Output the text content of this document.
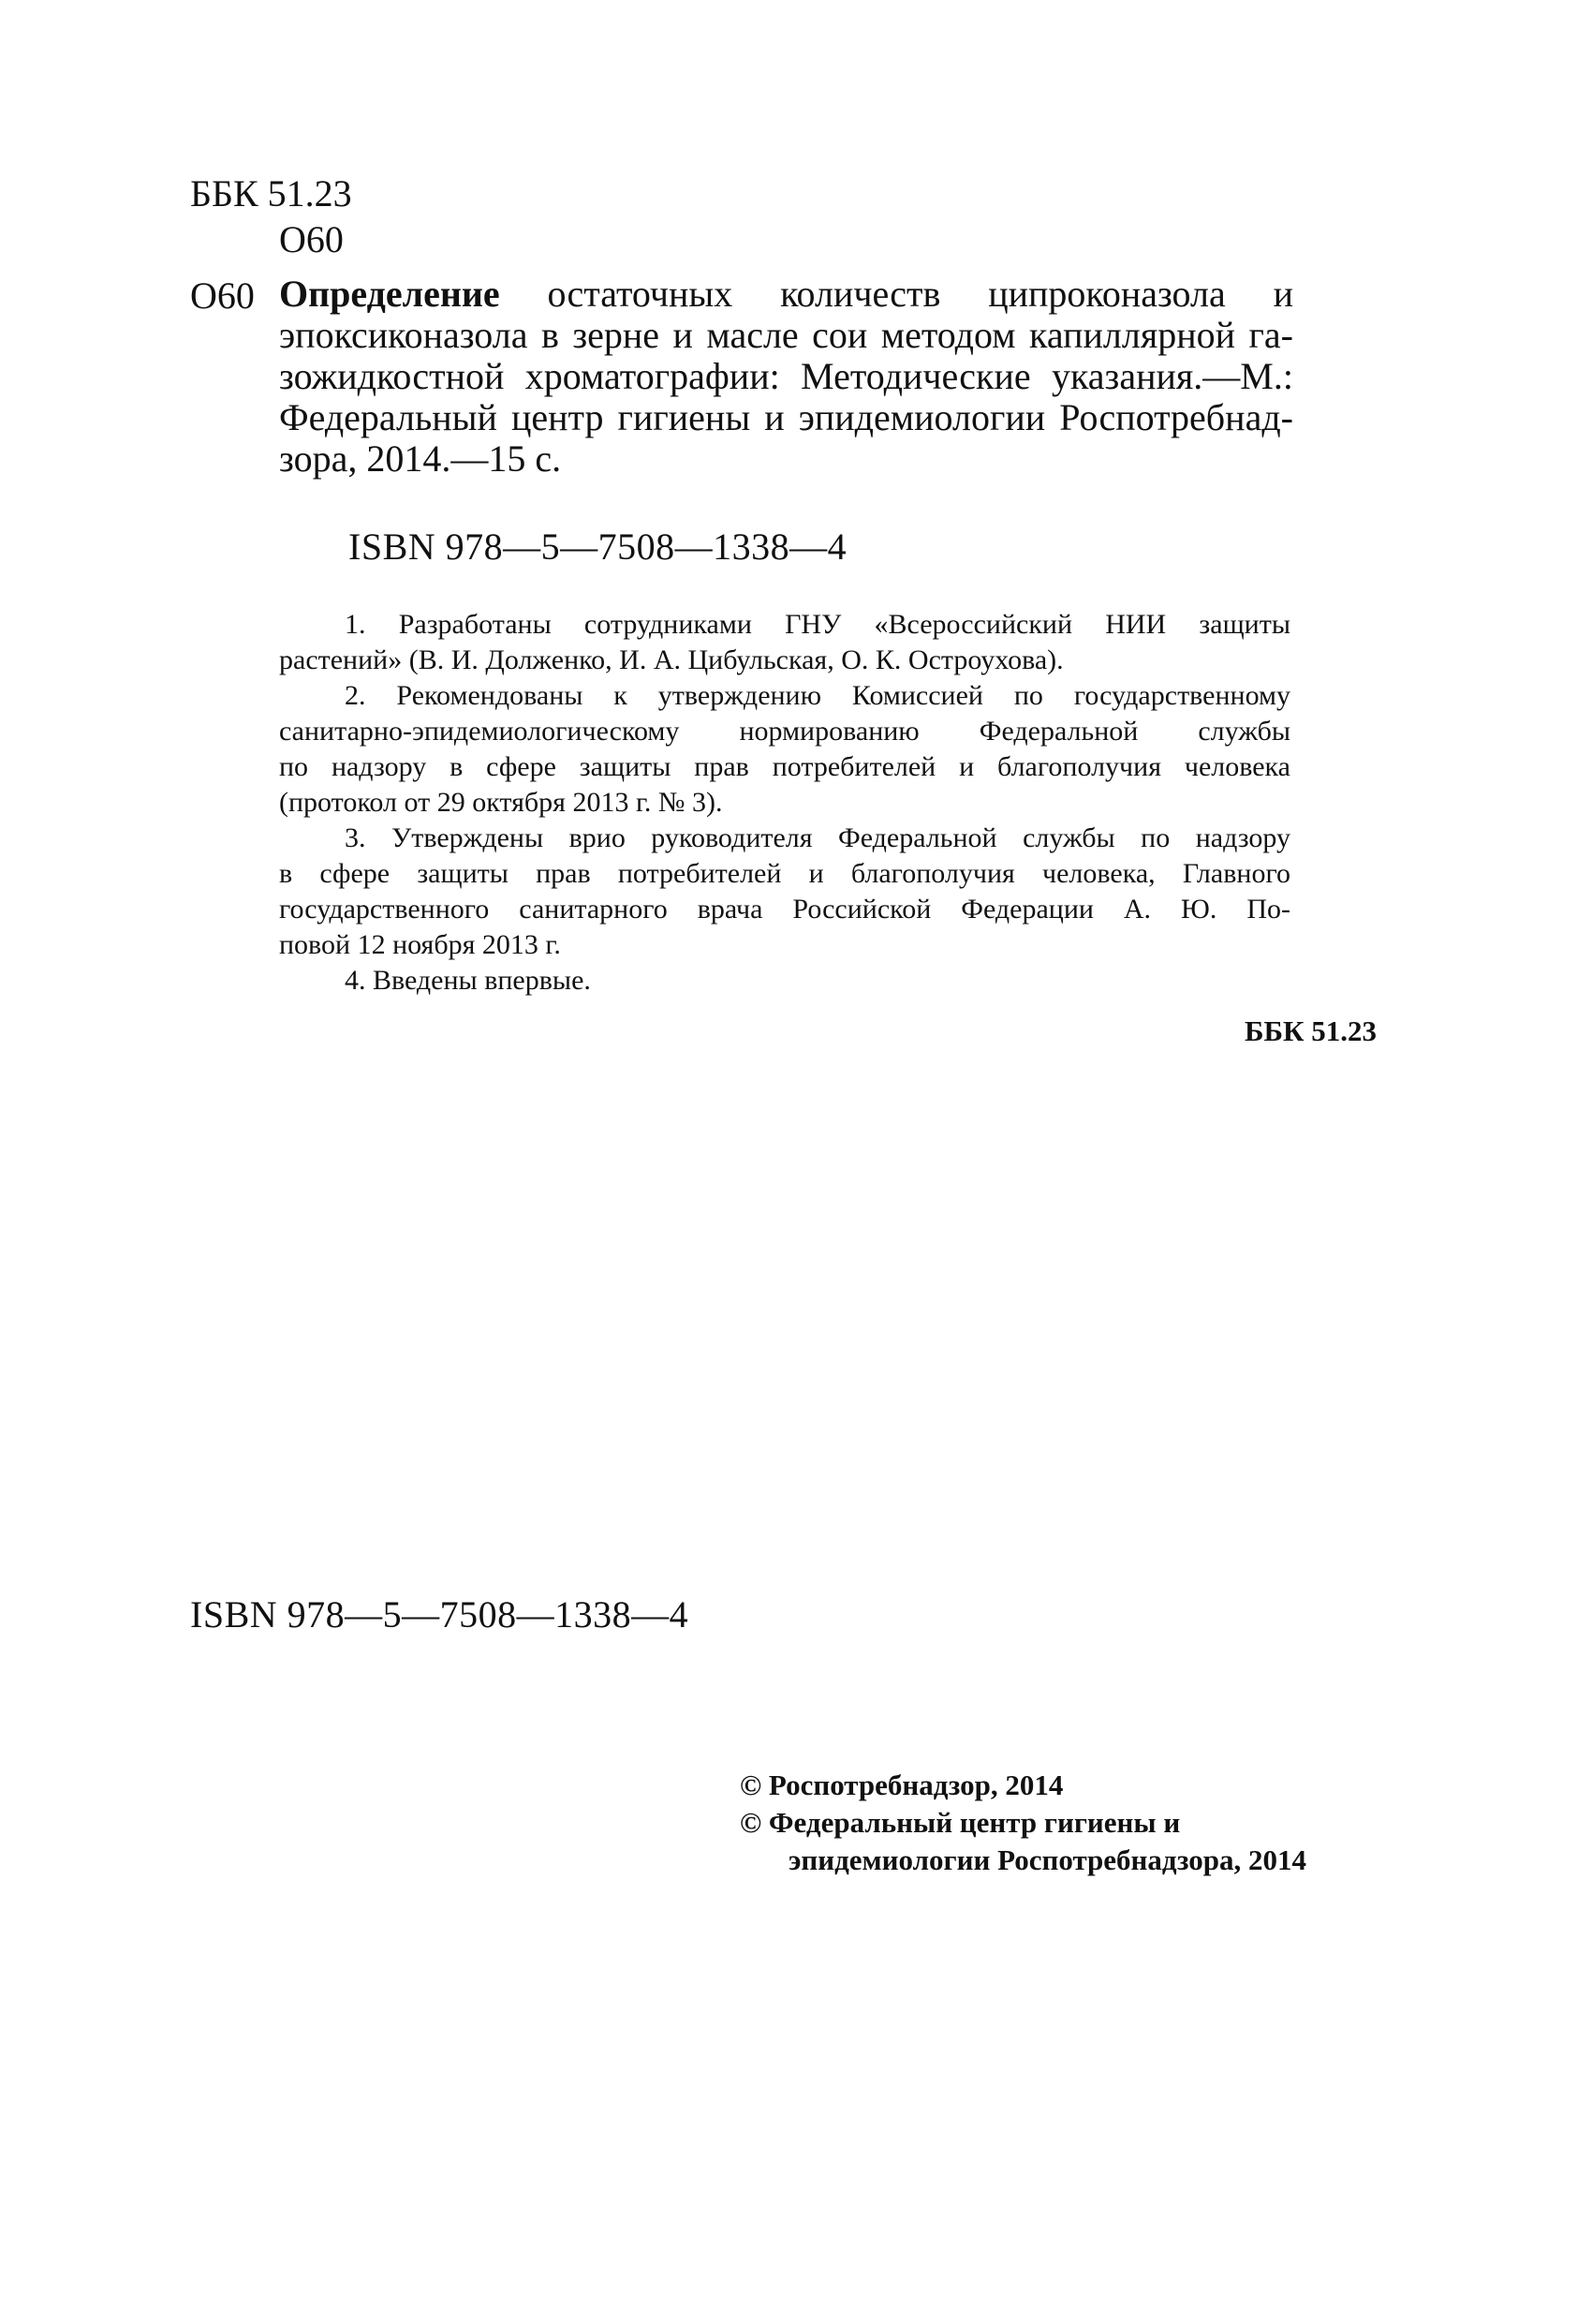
ББК 51.23
О60
О60 Определение остаточных количеств ципроконазола и
эпоксиконазола в зерне и масле сои методом капиллярной га-
зожидкостной хроматографии: Методические указания.—М.:
Федеральный центр гигиены и эпидемиологии Роспотребнад-
зора, 2014.—15 с.
ISBN 978—5—7508—1338—4
1. Разработаны сотрудниками ГНУ «Всероссийский НИИ защиты
растений» (В. И. Долженко, И. А. Цибульская, О. К. Остроухова).
2. Рекомендованы к утверждению Комиссией по государственному
санитарно-эпидемиологическому нормированию Федеральной службы
по надзору в сфере защиты прав потребителей и благополучия человека
(протокол от 29 октября 2013 г. № 3).
3. Утверждены врио руководителя Федеральной службы по надзору
в сфере защиты прав потребителей и благополучия человека, Главного
государственного санитарного врача Российской Федерации А. Ю. По-
повой 12 ноября 2013 г.
4. Введены впервые.
ББК 51.23
ISBN 978—5—7508—1338—4
© Роспотребнадзор, 2014
© Федеральный центр гигиены и
эпидемиологии Роспотребнадзора, 2014
